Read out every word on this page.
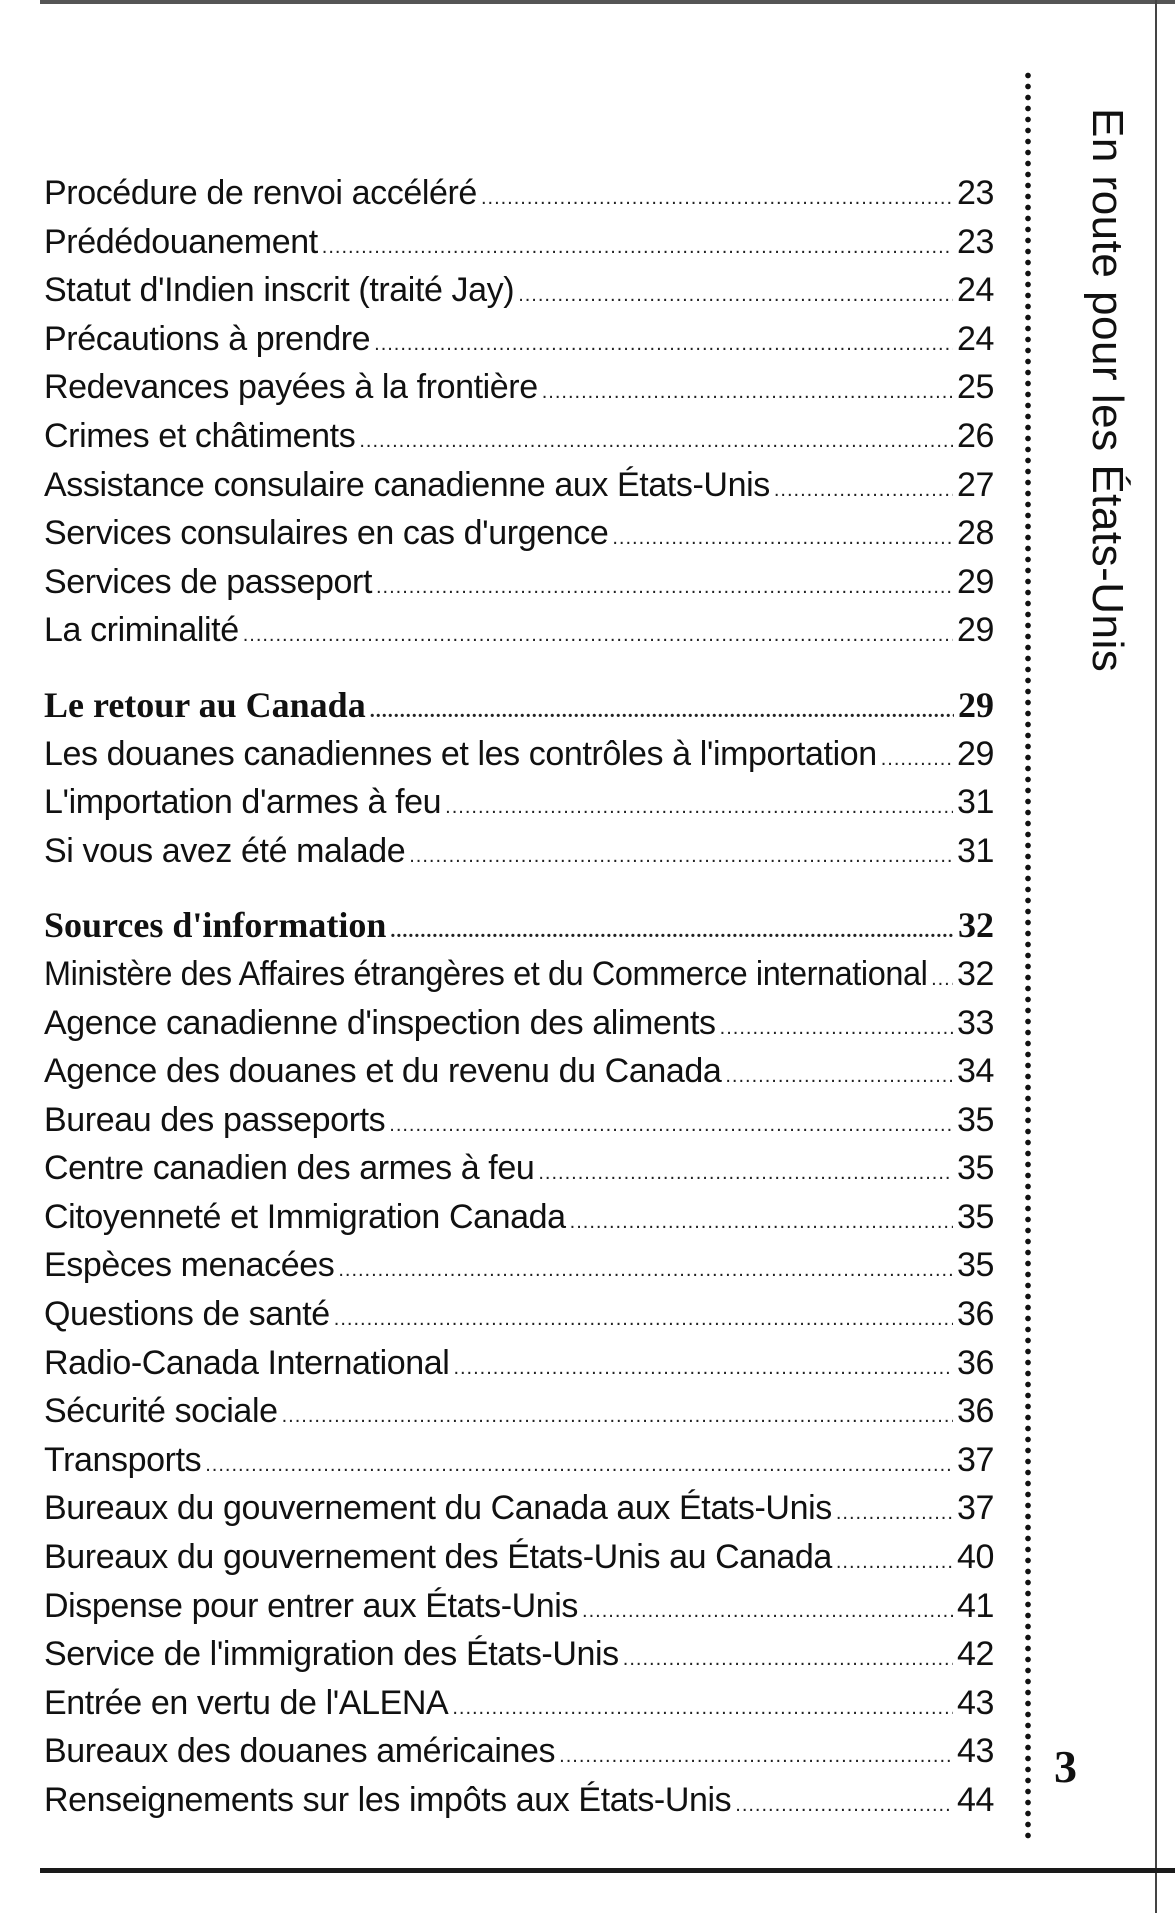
Procédure de renvoi accéléré .....	23
Prédédouanement .....	23
Statut d'Indien inscrit (traité Jay) .....	24
Précautions à prendre .....	24
Redevances payées à la frontière .....	25
Crimes et châtiments .....	26
Assistance consulaire canadienne aux États-Unis .....	27
Services consulaires en cas d'urgence .....	28
Services de passeport .....	29
La criminalité .....	29
Le retour au Canada .....	29
Les douanes canadiennes et les contrôles à l'importation ..... 29
L'importation d'armes à feu .....	31
Si vous avez été malade .....	31
Sources d'information .....	32
Ministère des Affaires étrangères et du Commerce international ..... 32
Agence canadienne d'inspection des aliments .....	33
Agence des douanes et du revenu du Canada .....	34
Bureau des passeports .....	35
Centre canadien des armes à feu .....	35
Citoyenneté et Immigration Canada .....	35
Espèces menacées .....	35
Questions de santé .....	36
Radio-Canada International .....	36
Sécurité sociale .....	36
Transports .....	37
Bureaux du gouvernement du Canada aux États-Unis .....	37
Bureaux du gouvernement des États-Unis au Canada .....	40
Dispense pour entrer aux États-Unis .....	41
Service de l'immigration des États-Unis .....	42
Entrée en vertu de l'ALENA .....	43
Bureaux des douanes américaines .....	43
Renseignements sur les impôts aux États-Unis .....	44
En route pour les États-Unis
3
